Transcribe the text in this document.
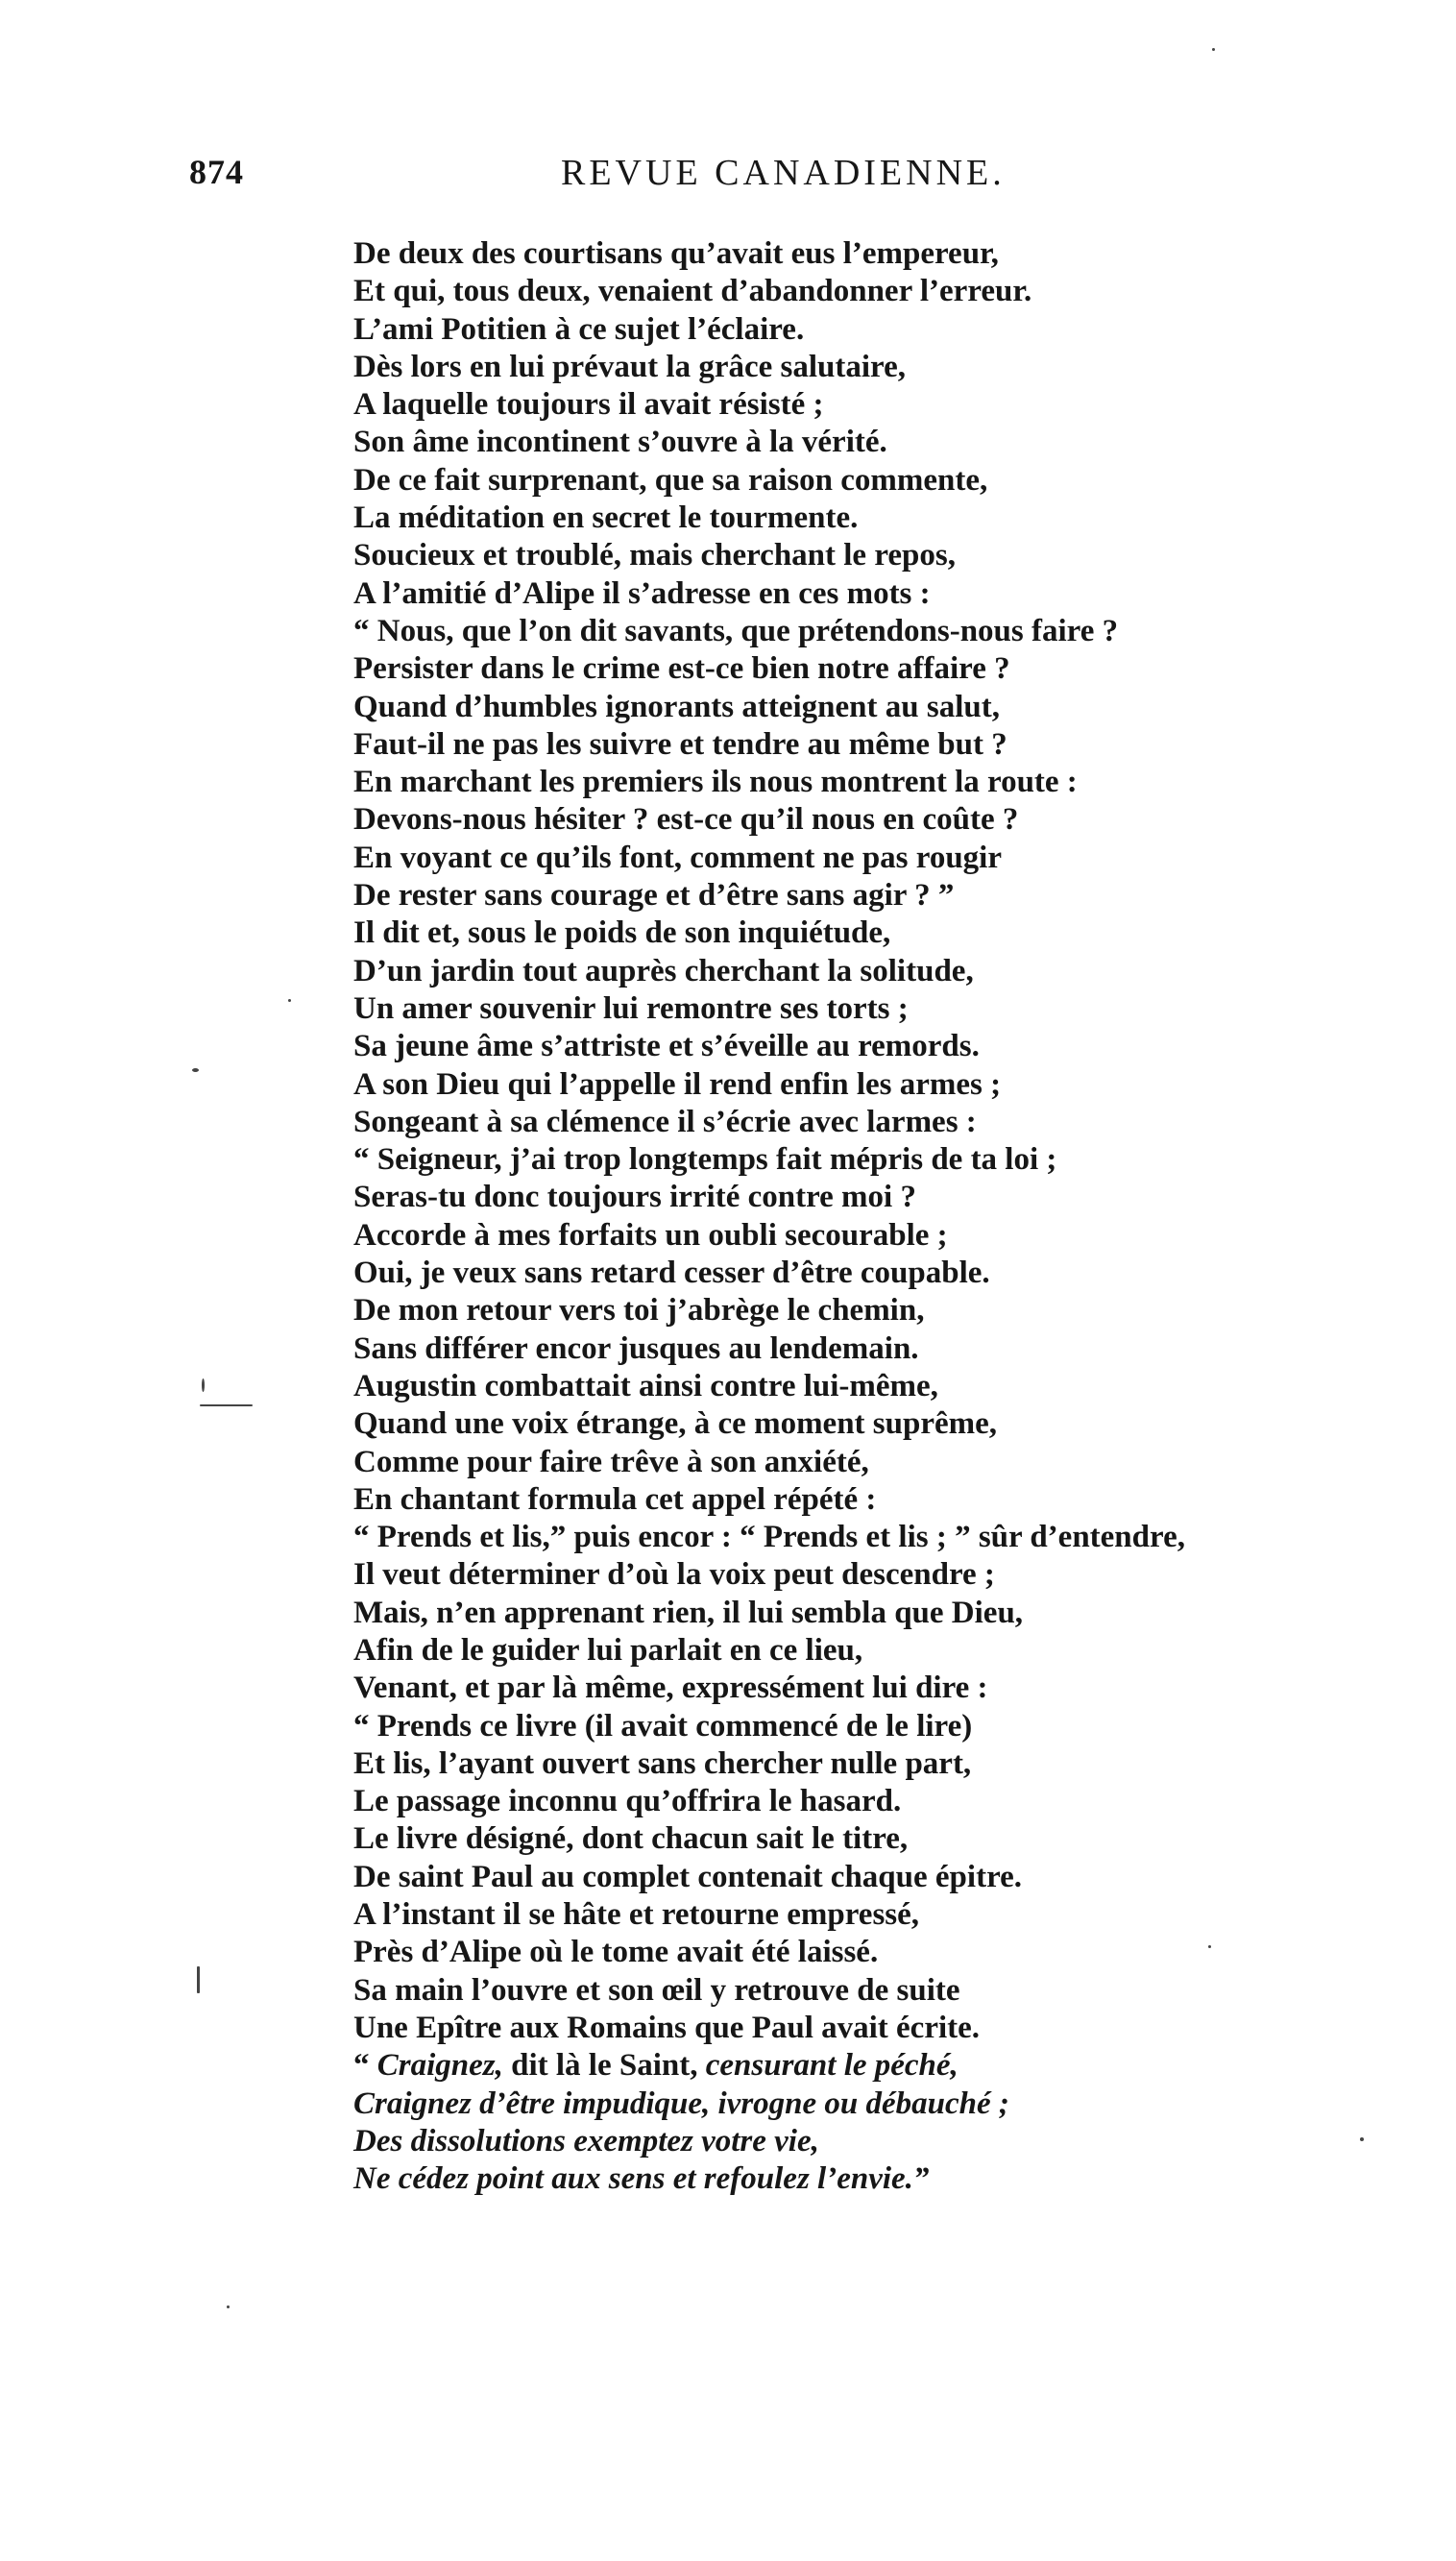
874	REVUE CANADIENNE.
De deux des courtisans qu’avait eus l’empereur,
Et qui, tous deux, venaient d’abandonner l’erreur.
L’ami Potitien à ce sujet l’éclaire.
Dès lors en lui prévaut la grâce salutaire,
A laquelle toujours il avait résisté ;
Son âme incontinent s’ouvre à la vérité.
De ce fait surprenant, que sa raison commente,
La méditation en secret le tourmente.
Soucieux et troublé, mais cherchant le repos,
A l’amitié d’Alipe il s’adresse en ces mots :
“ Nous, que l’on dit savants, que prétendons-nous faire ?
Persister dans le crime est-ce bien notre affaire ?
Quand d’humbles ignorants atteignent au salut,
Faut-il ne pas les suivre et tendre au même but ?
En marchant les premiers ils nous montrent la route :
Devons-nous hésiter ? est-ce qu’il nous en coûte ?
En voyant ce qu’ils font, comment ne pas rougir
De rester sans courage et d’être sans agir ? ”
Il dit et, sous le poids de son inquiétude,
D’un jardin tout auprès cherchant la solitude,
Un amer souvenir lui remontre ses torts ;
Sa jeune âme s’attriste et s’éveille au remords.
A son Dieu qui l’appelle il rend enfin les armes ;
Songeant à sa clémence il s’écrie avec larmes :
“ Seigneur, j’ai trop longtemps fait mépris de ta loi ;
Seras-tu donc toujours irrité contre moi ?
Accorde à mes forfaits un oubli secourable ;
Oui, je veux sans retard cesser d’être coupable.
De mon retour vers toi j’abrège le chemin,
Sans différer encor jusques au lendemain.
Augustin combattait ainsi contre lui-même,
Quand une voix étrange, à ce moment suprême,
Comme pour faire trêve à son anxiété,
En chantant formula cet appel répété :
“ Prends et lis,” puis encor : “ Prends et lis ; ” sûr d’entendre,
Il veut déterminer d’où la voix peut descendre ;
Mais, n’en apprenant rien, il lui sembla que Dieu,
Afin de le guider lui parlait en ce lieu,
Venant, et par là même, expressément lui dire :
“ Prends ce livre (il avait commencé de le lire)
Et lis, l’ayant ouvert sans chercher nulle part,
Le passage inconnu qu’offrira le hasard.
Le livre désigné, dont chacun sait le titre,
De saint Paul au complet contenait chaque épitre.
A l’instant il se hâte et retourne empressé,
Près d’Alipe où le tome avait été laissé.
Sa main l’ouvre et son œil y retrouve de suite
Une Epître aux Romains que Paul avait écrite.
“ Craignez, dit là le Saint, censurant le péché,
Craignez d’être impudique, ivrogne ou débauché ;
Des dissolutions exemptez votre vie,
Ne cédez point aux sens et refoulez l’envie.”
